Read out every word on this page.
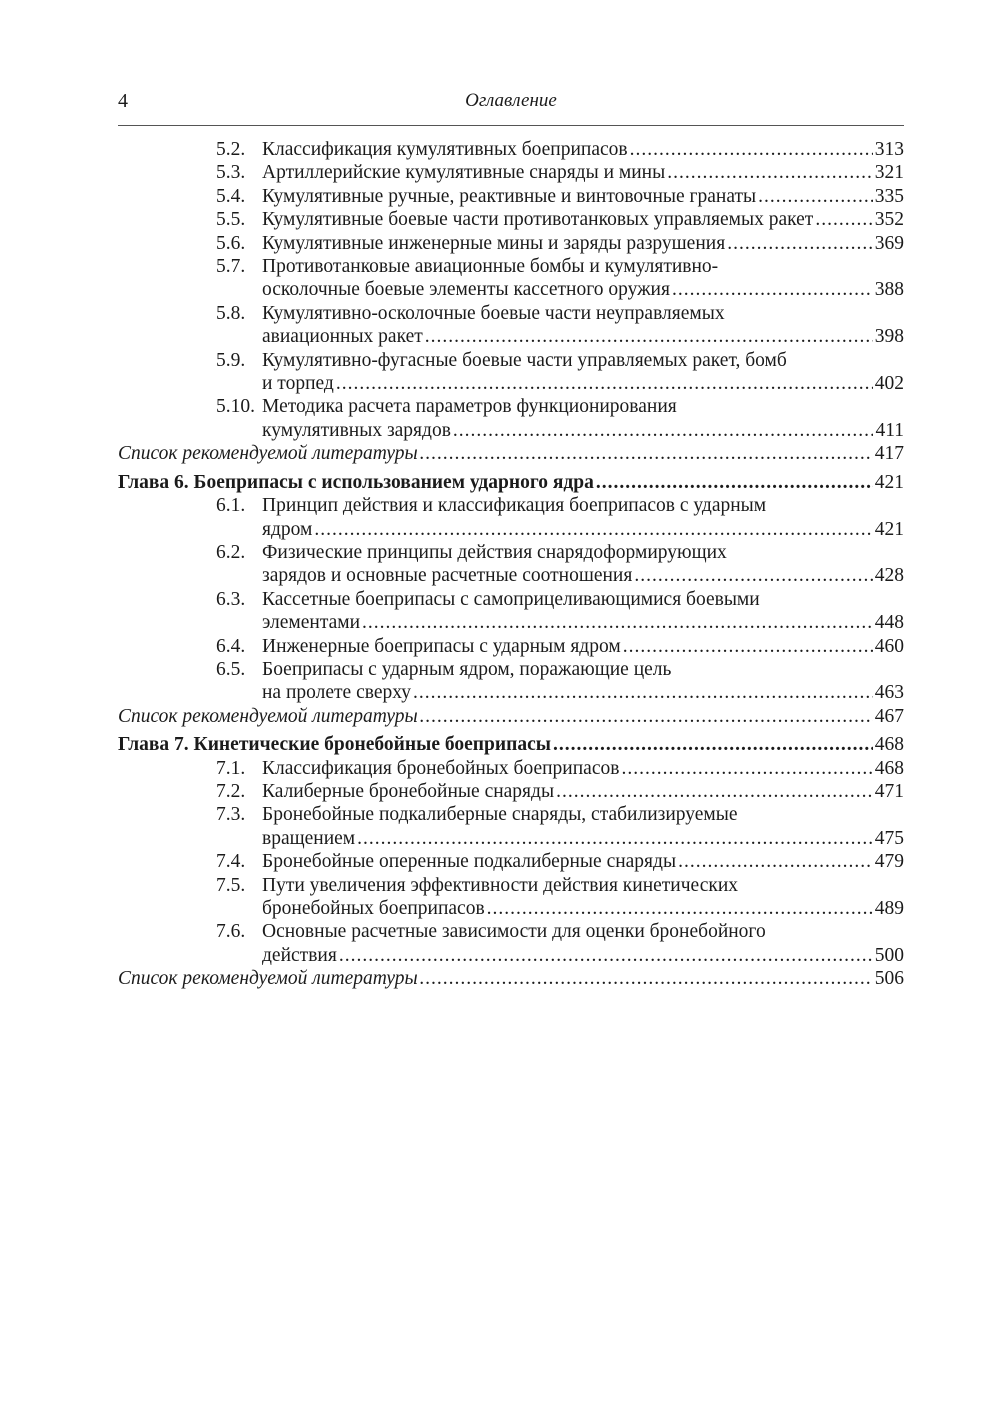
4	Оглавление
5.2. Классификация кумулятивных боеприпасов .....	313
5.3. Артиллерийские кумулятивные снаряды и мины .....	321
5.4. Кумулятивные ручные, реактивные и винтовочные гранаты .....	335
5.5. Кумулятивные боевые части противотанковых управляемых ракет .....	352
5.6. Кумулятивные инженерные мины и заряды разрушения .....	369
5.7. Противотанковые авиационные бомбы и кумулятивно-
осколочные боевые элементы кассетного оружия .....	388
5.8. Кумулятивно-осколочные боевые части неуправляемых
авиационных ракет .....	398
5.9. Кумулятивно-фугасные боевые части управляемых ракет, бомб
и торпед .....	402
5.10. Методика расчета параметров функционирования
кумулятивных зарядов .....	411
Список рекомендуемой литературы .....	417
Глава 6. Боеприпасы с использованием ударного ядра .....	421
6.1. Принцип действия и классификация боеприпасов с ударным
ядром .....	421
6.2. Физические принципы действия снарядоформирующих
зарядов и основные расчетные соотношения .....	428
6.3. Кассетные боеприпасы с самоприцеливающимися боевыми
элементами .....	448
6.4. Инженерные боеприпасы с ударным ядром .....	460
6.5. Боеприпасы с ударным ядром, поражающие цель
на пролете сверху .....	463
Список рекомендуемой литературы .....	467
Глава 7. Кинетические бронебойные боеприпасы .....	468
7.1. Классификация бронебойных боеприпасов .....	468
7.2. Калиберные бронебойные снаряды .....	471
7.3. Бронебойные подкалиберные снаряды, стабилизируемые
вращением .....	475
7.4. Бронебойные оперенные подкалиберные снаряды .....	479
7.5. Пути увеличения эффективности действия кинетических
бронебойных боеприпасов .....	489
7.6. Основные расчетные зависимости для оценки бронебойного
действия .....	500
Список рекомендуемой литературы .....	506
